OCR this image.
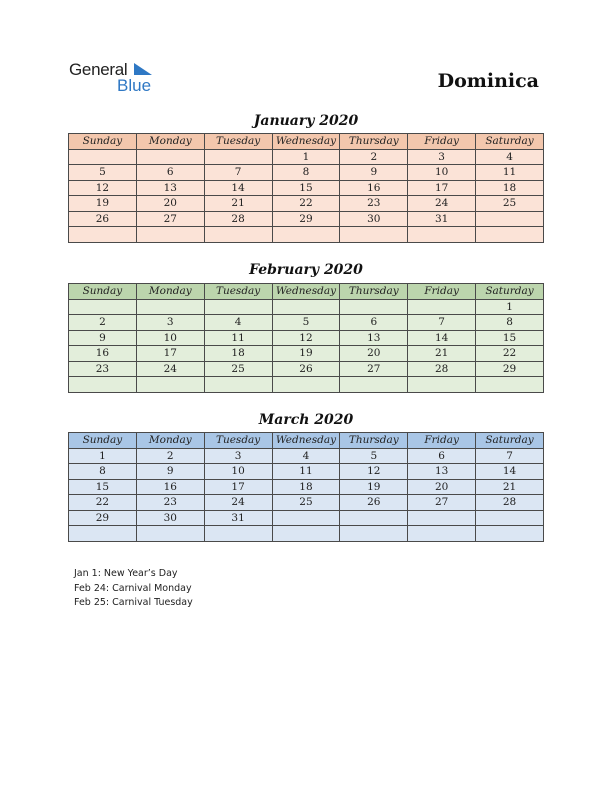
General
Blue	Dominica
January 2020
Sunday	Monday	Tuesday	Wednesday	Thursday	Friday	Saturday
			1	2	3	4
5	6	7	8	9	10	11
12	13	14	15	16	17	18
19	20	21	22	23	24	25
26	27	28	29	30	31	

February 2020
Sunday	Monday	Tuesday	Wednesday	Thursday	Friday	Saturday
						1
2	3	4	5	6	7	8
9	10	11	12	13	14	15
16	17	18	19	20	21	22
23	24	25	26	27	28	29

March 2020
Sunday	Monday	Tuesday	Wednesday	Thursday	Friday	Saturday
1	2	3	4	5	6	7
8	9	10	11	12	13	14
15	16	17	18	19	20	21
22	23	24	25	26	27	28
29	30	31				

Jan 1: New Year’s Day
Feb 24: Carnival Monday
Feb 25: Carnival Tuesday
